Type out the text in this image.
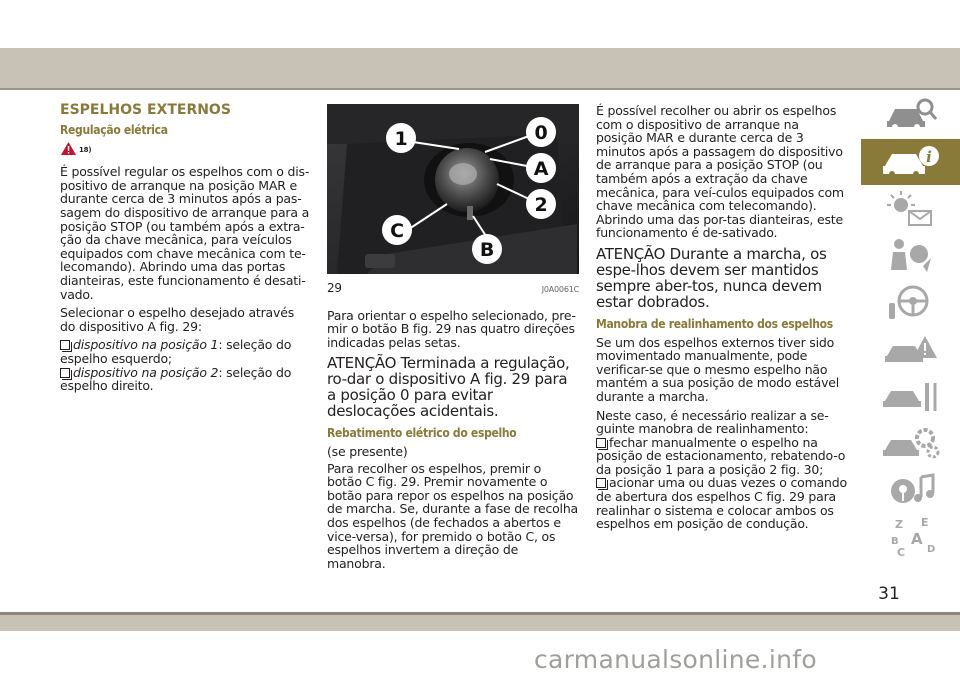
ESPELHOS EXTERNOS
Regulação elétrica
18)

É possível regular os espelhos com o dis-positivo de arranque na posição MAR e durante cerca de 3 minutos após a pas-sagem do dispositivo de arranque para a posição STOP (ou também após a extra-ção da chave mecânica, para veículos equipados com chave mecânica com te-lecomando). Abrindo uma das portas dianteiras, este funcionamento é desati-vado.

Selecionar o espelho desejado através do dispositivo A fig. 29:

dispositivo na posição 1: seleção do espelho esquerdo;
dispositivo na posição 2: seleção do espelho direito.
1	0
A
2
C
B
29	J0A0061C

Para orientar o espelho selecionado, pre-mir o botão B fig. 29 nas quatro direções indicadas pelas setas.

ATENÇÃO Terminada a regulação, ro-dar o dispositivo A fig. 29 para a posição 0 para evitar deslocações acidentais.
Rebatimento elétrico do espelho

(se presente)

Para recolher os espelhos, premir o botão C fig. 29. Premir novamente o botão para repor os espelhos na posição de marcha. Se, durante a fase de recolha dos espelhos (de fechados a abertos e vice-versa), for premido o botão C, os espelhos invertem a direção de manobra.

É possível recolher ou abrir os espelhos com o dispositivo de arranque na posição MAR e durante cerca de 3 minutos após a passagem do dispositivo de arranque para a posição STOP (ou também após a extração da chave mecânica, para veí-culos equipados com chave mecânica com telecomando). Abrindo uma das por-tas dianteiras, este funcionamento é de-sativado.

ATENÇÃO Durante a marcha, os espe-lhos devem ser mantidos sempre aber-tos, nunca devem estar dobrados.
Manobra de realinhamento dos espelhos

Se um dos espelhos externos tiver sido movimentado manualmente, pode verificar-se que o mesmo espelho não mantém a sua posição de modo estável durante a marcha.

Neste caso, é necessário realizar a se-guinte manobra de realinhamento:

fechar manualmente o espelho na posição de estacionamento, rebatendo-o da posição 1 para a posição 2 fig. 30;
acionar uma ou duas vezes o comando de abertura dos espelhos C fig. 29 para realinhar o sistema e colocar ambos os espelhos em posição de condução.
i
Z E
B A
C D
31
carmanualsonline.info
